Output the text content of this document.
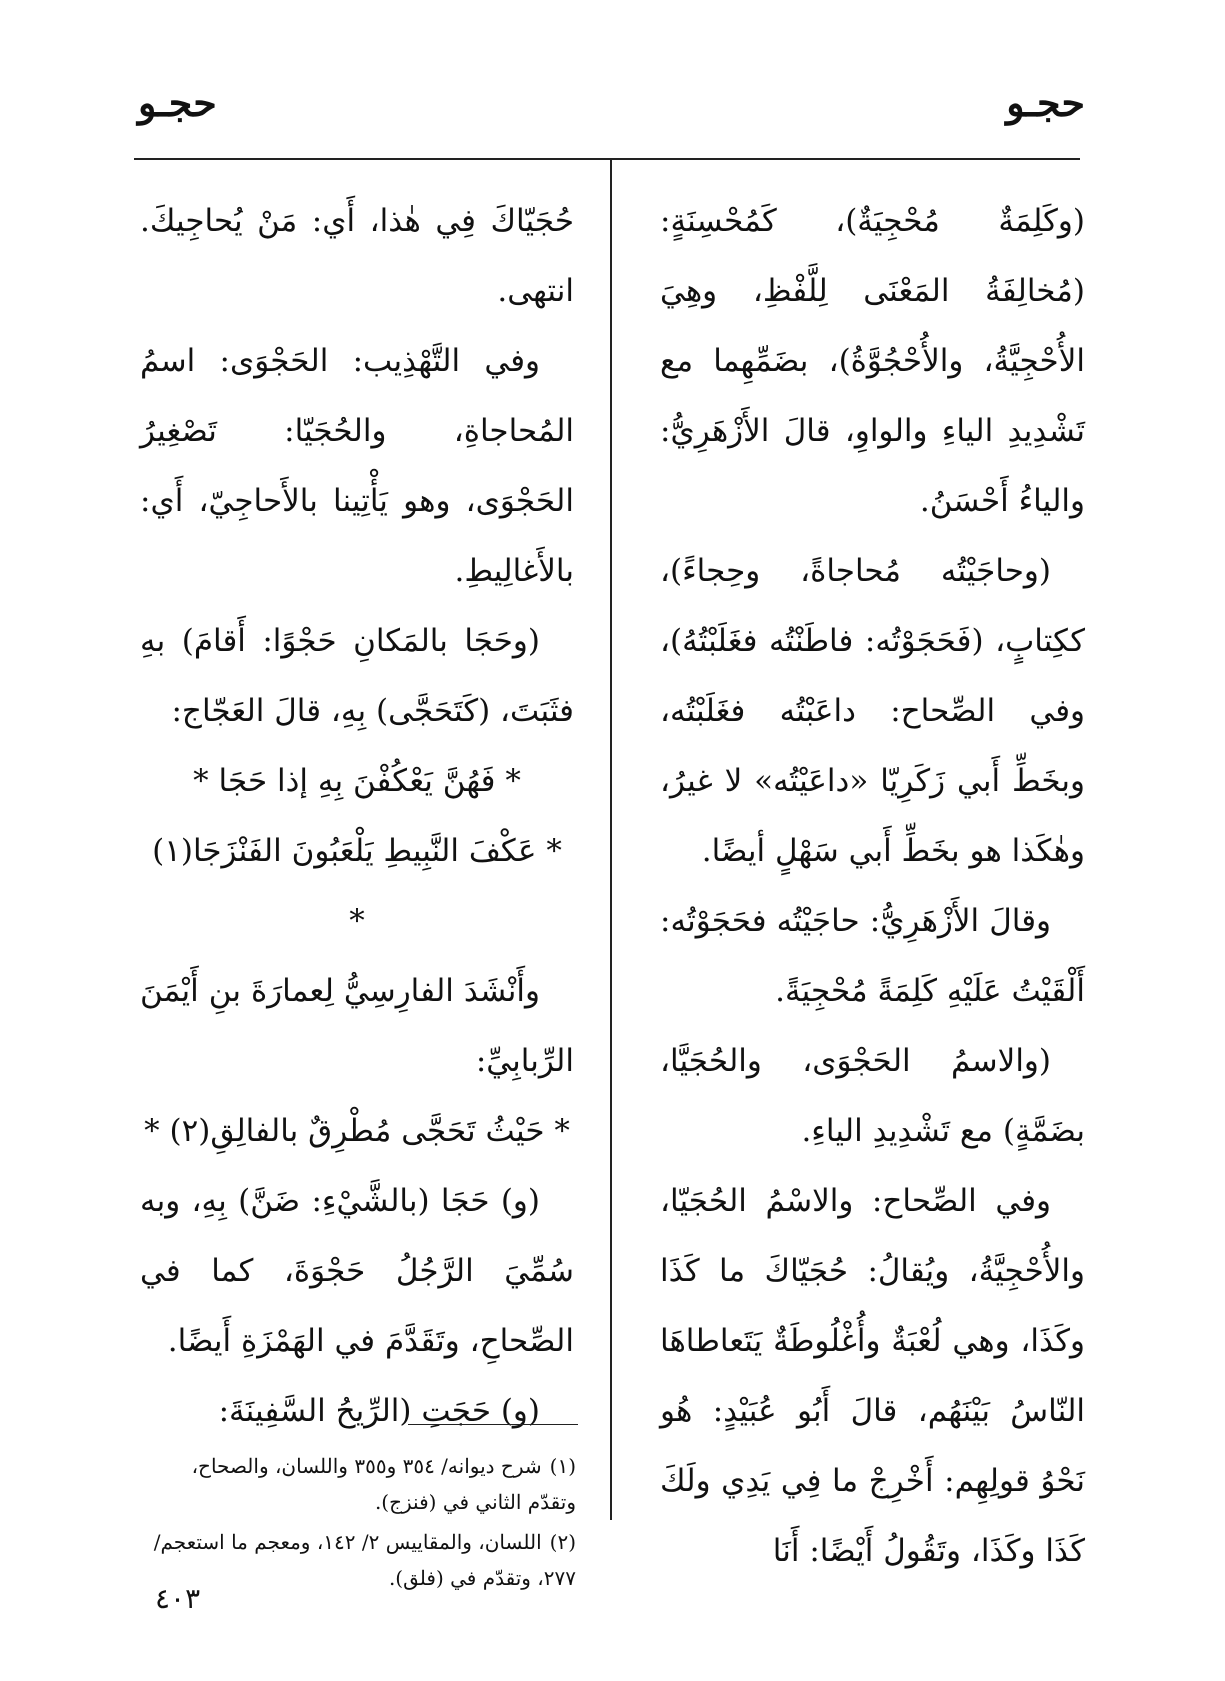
حجـو
حجـو

(وكَلِمَةٌ مُحْجِيَةٌ)، كَمُحْسِنَةٍ: (مُخالِفَةُ المَعْنَى لِلَّفْظِ، وهِيَ الأُحْجِيَّةُ، والأُحْجُوَّةُ)، بضَمِّهِما مع تَشْدِيدِ الياءِ والواوِ، قالَ الأَزْهَرِيُّ: والياءُ أَحْسَنُ.

(وحاجَيْتُه مُحاجاةً، وحِجاءً)، ككِتابٍ، (فَحَجَوْتُه: فاطَنْتُه فغَلَبْتُهُ)، وفي الصِّحاح: داعَبْتُه فغَلَبْتُه، وبخَطِّ أَبي زَكَرِيّا «داعَيْتُه» لا غيرُ، وهٰكَذا هو بخَطِّ أَبي سَهْلٍ أيضًا.

وقالَ الأَزْهَرِيُّ: حاجَيْتُه فحَجَوْتُه: أَلْقَيْتُ عَلَيْهِ كَلِمَةً مُحْجِيَةً.

(والاسمُ الحَجْوَى، والحُجَيَّا، بضَمَّةٍ) مع تَشْدِيدِ الياءِ.

وفي الصِّحاح: والاسْمُ الحُجَيّا، والأُحْجِيَّةُ، ويُقالُ: حُجَيّاكَ ما كَذَا وكَذَا، وهي لُعْبَةٌ وأُغْلُوطَةٌ يَتَعاطاهَا النّاسُ بَيْنَهُم، قالَ أَبُو عُبَيْدٍ: هُو نَحْوُ قولِهِم: أَخْرِجْ ما فِي يَدِي ولَكَ كَذَا وكَذَا، وتَقُولُ أَيْضًا: أَنَا

حُجَيّاكَ فِي هٰذا، أَي: مَنْ يُحاجِيكَ. انتهى.

وفي التَّهْذِيب: الحَجْوَى: اسمُ المُحاجاةِ، والحُجَيّا: تَصْغِيرُ الحَجْوَى، وهو يَأْتِينا بالأَحاجِيّ، أَي: بالأَغالِيطِ.

(وحَجَا بالمَكانِ حَجْوًا: أَقامَ) بهِ فثَبَتَ، (كَتَحَجَّى) بِهِ، قالَ العَجّاج:

* فَهُنَّ يَعْكُفْنَ بِهِ إذا حَجَا *

* عَكْفَ النَّبِيطِ يَلْعَبُونَ الفَنْزَجَا(١) *

وأَنْشَدَ الفارِسِيُّ لِعمارَةَ بنِ أَيْمَنَ الرِّبابِيِّ:

* حَيْثُ تَحَجَّى مُطْرِقٌ بالفالِقِ(٢) *

(و) حَجَا (بالشَّيْءِ: ضَنَّ) بِهِ، وبه سُمِّيَ الرَّجُلُ حَجْوَةَ، كما في الصِّحاحِ، وتَقَدَّمَ في الهَمْزَةِ أَيضًا.

(و) حَجَتِ (الرِّيحُ السَّفِينَةَ:

(١)شرح ديوانه/ ٣٥٤ و٣٥٥ واللسان، والصحاح، وتقدّم الثاني في (فنزج).

(٢)اللسان، والمقاييس ٢/ ١٤٢، ومعجم ما استعجم/ ٢٧٧، وتقدّم في (فلق).

٤٠٣
